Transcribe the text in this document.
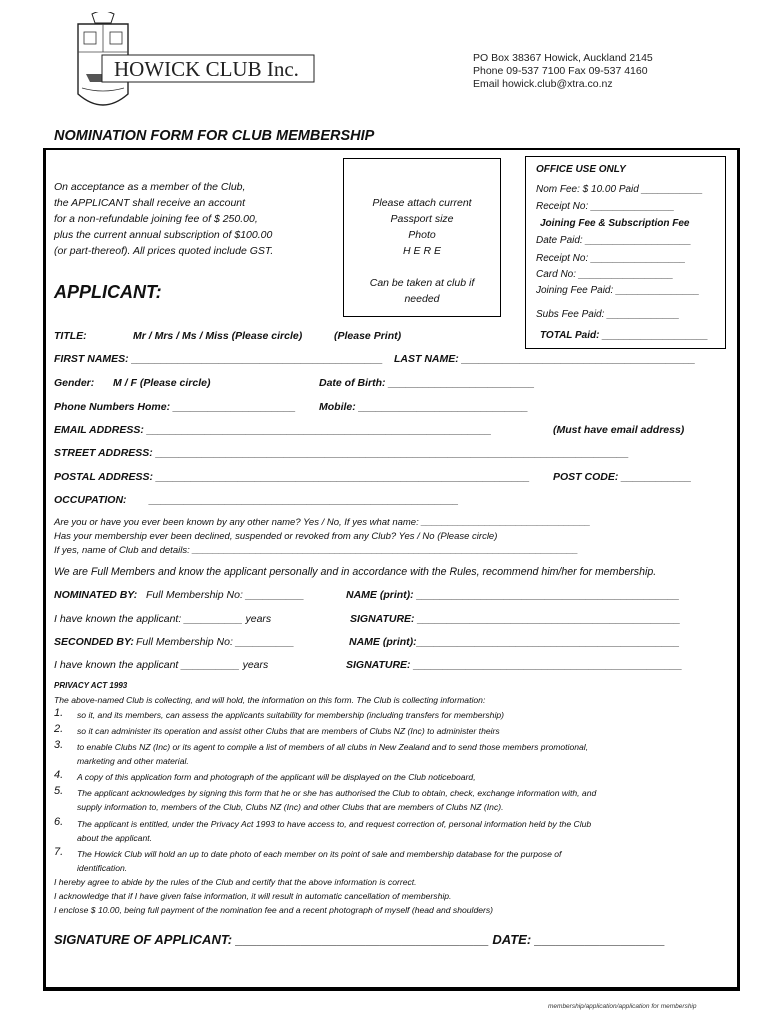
HOWICK CLUB Inc.	PO Box 38367 Howick, Auckland 2145
Phone 09-537 7100 Fax 09-537 4160
Email howick.club@xtra.co.nz
NOMINATION FORM FOR CLUB MEMBERSHIP
On acceptance as a member of the Club,
the APPLICANT shall receive an account
for a non-refundable joining fee of $ 250.00,
plus the current annual subscription of $100.00
(or part-thereof). All prices quoted include GST.
Please attach current
Passport size
Photo
H E R E
Can be taken at club if
needed
OFFICE USE ONLY
Nom Fee: $ 10.00 Paid ___________
Receipt No: _______________
Joining Fee & Subscription Fee
Date Paid: ___________________
Receipt No: _________________
Card No: _________________
Joining Fee Paid: _______________
Subs Fee Paid: _____________
TOTAL Paid: ___________________
APPLICANT:
TITLE:	Mr / Mrs / Ms / Miss (Please circle)	(Please Print)
FIRST NAMES: ___________________________________________ LAST NAME: ________________________________________
Gender: M / F (Please circle)	Date of Birth: _________________________
Phone Numbers Home: _____________________ Mobile: _____________________________
EMAIL ADDRESS: ___________________________________________________________	(Must have email address)
STREET ADDRESS: _________________________________________________________________________________
POSTAL ADDRESS: ________________________________________________________________ POST CODE: ____________
OCCUPATION: _____________________________________________________
Are you or have you ever been known by any other name? Yes / No, If yes what name: ________________________________
Has your membership ever been declined, suspended or revoked from any Club? Yes / No (Please circle)
If yes, name of Club and details: _________________________________________________________________________
We are Full Members and know the applicant personally and in accordance with the Rules, recommend him/her for membership.
NOMINATED BY: Full Membership No: __________	NAME (print): _____________________________________________
I have known the applicant: __________ years	SIGNATURE: _____________________________________________
SECONDED BY: Full Membership No: __________	NAME (print):_____________________________________________
I have known the applicant __________ years	SIGNATURE: ______________________________________________
PRIVACY ACT 1993
The above-named Club is collecting, and will hold, the information on this form. The Club is collecting information:
1. so it, and its members, can assess the applicants suitability for membership (including transfers for membership)
2. so it can administer its operation and assist other Clubs that are members of Clubs NZ (Inc) to administer theirs
3. to enable Clubs NZ (Inc) or its agent to compile a list of members of all clubs in New Zealand and to send those members promotional,
marketing and other material.
4. A copy of this application form and photograph of the applicant will be displayed on the Club noticeboard,
5. The applicant acknowledges by signing this form that he or she has authorised the Club to obtain, check, exchange information with, and
supply information to, members of the Club, Clubs NZ (Inc) and other Clubs that are members of Clubs NZ (Inc).
6. The applicant is entitled, under the Privacy Act 1993 to have access to, and request correction of, personal information held by the Club
about the applicant.
7. The Howick Club will hold an up to date photo of each member on its point of sale and membership database for the purpose of
identification.
I hereby agree to abide by the rules of the Club and certify that the above information is correct.
I acknowledge that if I have given false information, it will result in automatic cancellation of membership.
I enclose $ 10.00, being full payment of the nomination fee and a recent photograph of myself (head and shoulders)
SIGNATURE OF APPLICANT: ___________________________________ DATE: __________________
membership/application/application for membership
